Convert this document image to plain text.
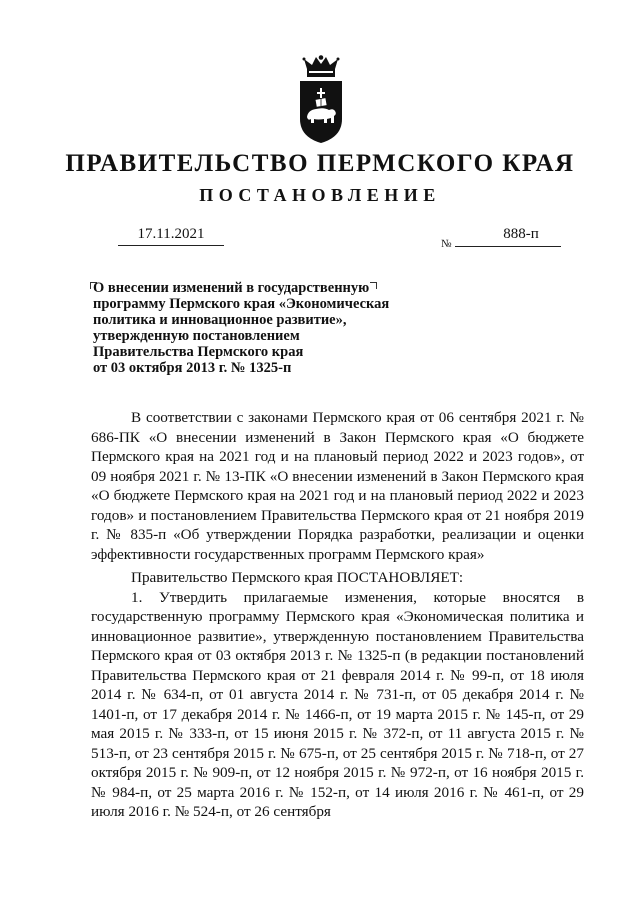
ПРАВИТЕЛЬСТВО ПЕРМСКОГО КРАЯ
ПОСТАНОВЛЕНИЕ
17.11.2021
№
888-п
О внесении изменений в государственную
программу Пермского края «Экономическая
политика и инновационное развитие»,
утвержденную постановлением
Правительства Пермского края
от 03 октября 2013 г. № 1325-п

В соответствии с законами Пермского края от 06 сентября 2021 г. № 686-ПК «О внесении изменений в Закон Пермского края «О бюджете Пермского края на 2021 год и на плановый период 2022 и 2023 годов», от 09 ноября 2021 г. № 13-ПК «О внесении изменений в Закон Пермского края «О бюджете Пермского края на 2021 год и на плановый период 2022 и 2023 годов» и постановлением Правительства Пермского края от 21 ноября 2019 г. № 835-п «Об утверждении Порядка разработки, реализации и оценки эффективности государственных программ Пермского края»

Правительство Пермского края ПОСТАНОВЛЯЕТ:

1. Утвердить прилагаемые изменения, которые вносятся в государственную программу Пермского края «Экономическая политика и инновационное развитие», утвержденную постановлением Правительства Пермского края от 03 октября 2013 г. № 1325-п (в редакции постановлений Правительства Пермского края от 21 февраля 2014 г. № 99-п, от 18 июля 2014 г. № 634-п, от 01 августа 2014 г. № 731-п, от 05 декабря 2014 г. № 1401-п, от 17 декабря 2014 г. № 1466-п, от 19 марта 2015 г. № 145-п, от 29 мая 2015 г. № 333-п, от 15 июня 2015 г. № 372-п, от 11 августа 2015 г. № 513-п, от 23 сентября 2015 г. № 675-п, от 25 сентября 2015 г. № 718-п, от 27 октября 2015 г. № 909-п, от 12 ноября 2015 г. № 972-п, от 16 ноября 2015 г. № 984-п, от 25 марта 2016 г. № 152-п, от 14 июля 2016 г. № 461-п, от 29 июля 2016 г. № 524-п, от 26 сентября
